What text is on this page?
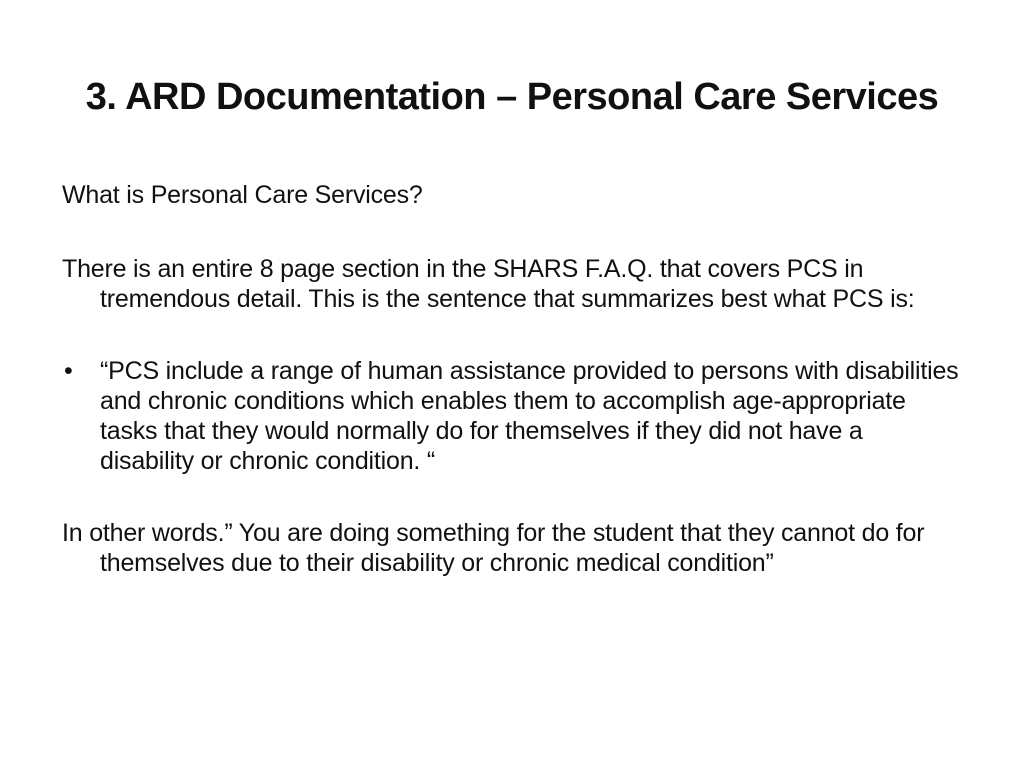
3. ARD Documentation – Personal Care Services

What is Personal Care Services?

There is an entire 8 page section in the SHARS F.A.Q. that covers PCS in tremendous detail. This is the sentence that summarizes best what PCS is:

• “PCS include a range of human assistance provided to persons with disabilities and chronic conditions which enables them to accomplish age-appropriate tasks that they would normally do for themselves if they did not have a disability or chronic condition. “

In other words.” You are doing something for the student that they cannot do for themselves due to their disability or chronic medical condition”
